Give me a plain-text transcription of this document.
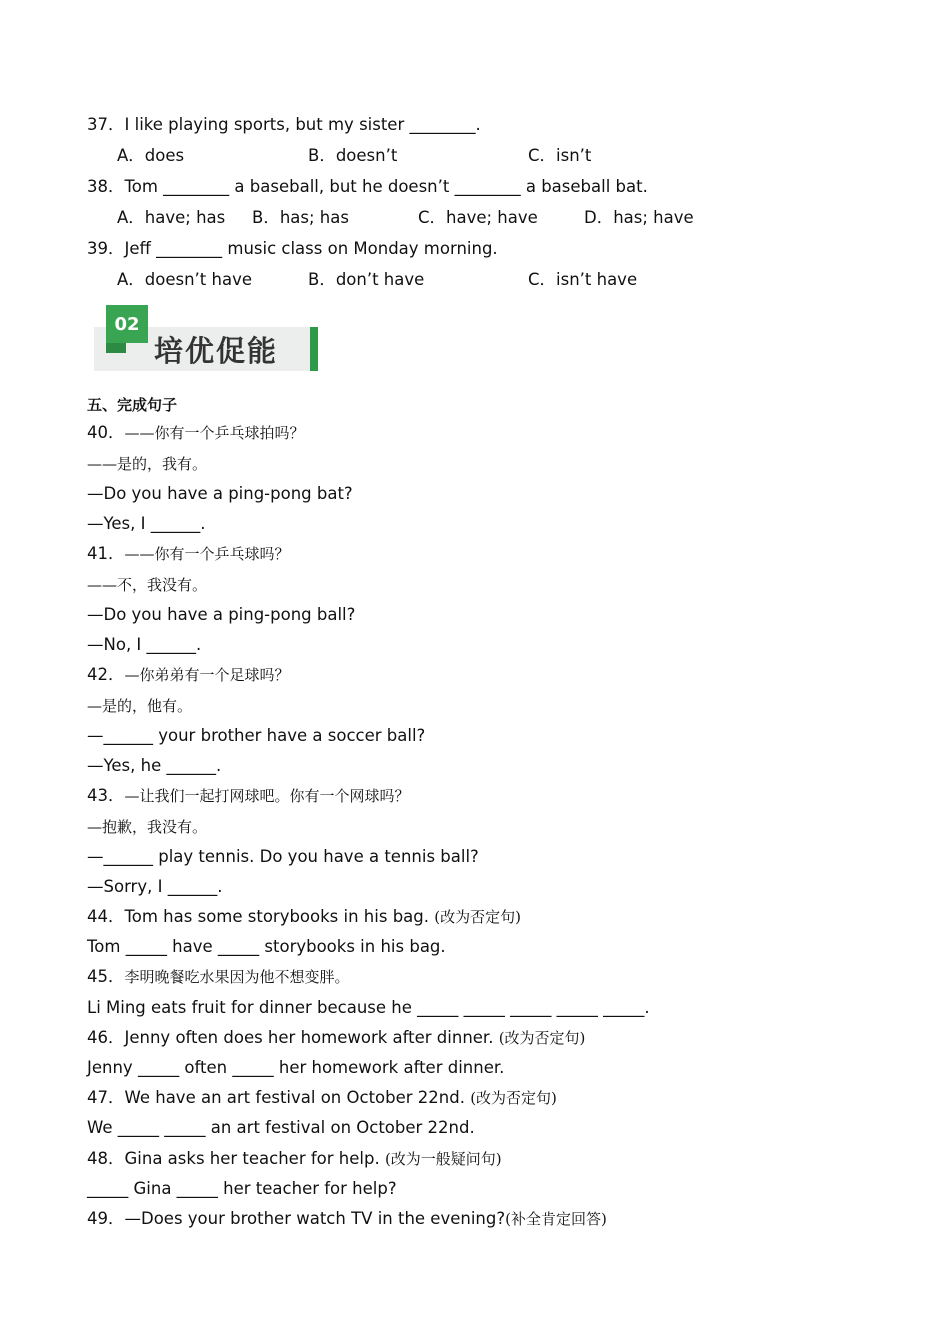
37．I like playing sports, but my sister ________.
A．does	B．doesn’t	C．isn’t
38．Tom ________ a baseball, but he doesn’t ________ a baseball bat.
A．have; has B．has; has	C．have; have	D．has; have
39．Jeff ________ music class on Monday morning.
A．doesn’t have	B．don’t have	C．isn’t have
02
培优促能
五、完成句子
40．——你有一个乒乓球拍吗？
——是的，我有。
—Do you have a ping-pong bat?
—Yes, I ______.
41．——你有一个乒乓球吗？
——不，我没有。
—Do you have a ping-pong ball?
—No, I ______.
42．—你弟弟有一个足球吗？
—是的，他有。
—______ your brother have a soccer ball?
—Yes, he ______.
43．—让我们一起打网球吧。你有一个网球吗？
—抱歉，我没有。
—______ play tennis. Do you have a tennis ball?
—Sorry, I ______.
44．Tom has some storybooks in his bag. (改为否定句)
Tom _____ have _____ storybooks in his bag.
45．李明晚餐吃水果因为他不想变胖。
Li Ming eats fruit for dinner because he _____ _____ _____ _____ _____.
46．Jenny often does her homework after dinner. (改为否定句)
Jenny _____ often _____ her homework after dinner.
47．We have an art festival on October 22nd. (改为否定句)
We _____ _____ an art festival on October 22nd.
48．Gina asks her teacher for help. (改为一般疑问句)
_____ Gina _____ her teacher for help?
49．—Does your brother watch TV in the evening?(补全肯定回答)
